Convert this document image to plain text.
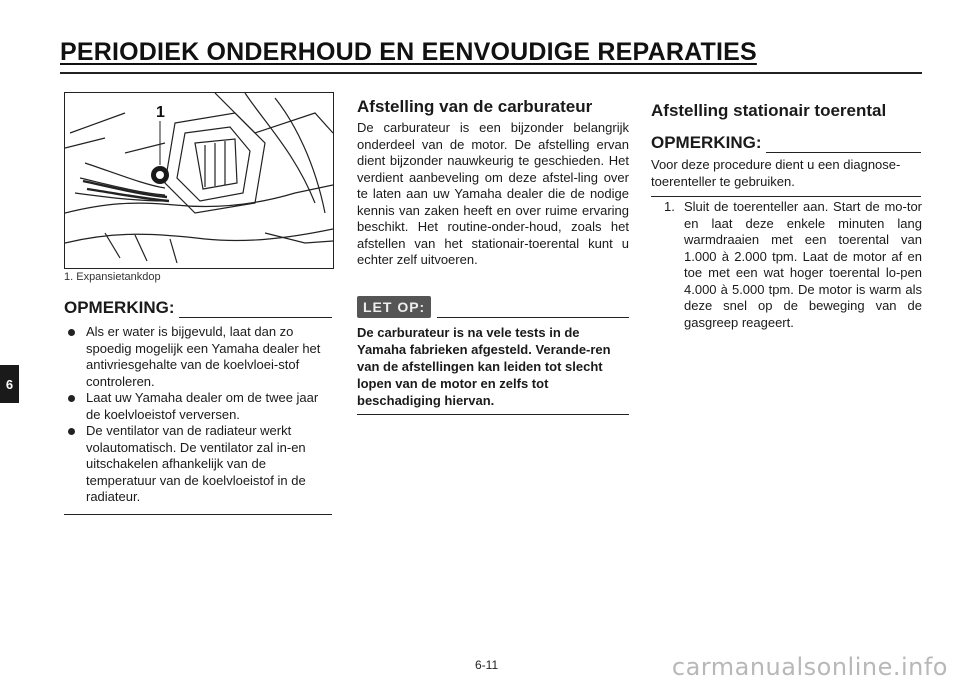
PERIODIEK ONDERHOUD EN EENVOUDIGE REPARATIES
6
1
1. Expansietankdop
OPMERKING:
Als er water is bijgevuld, laat dan zo spoedig mogelijk een Yamaha dealer het antivriesgehalte van de koelvloei-stof controleren.
Laat uw Yamaha dealer om de twee jaar de koelvloeistof verversen.
De ventilator van de radiateur werkt volautomatisch. De ventilator zal in-en uitschakelen afhankelijk van de temperatuur van de koelvloeistof in de radiateur.
Afstelling van de carburateur

De carburateur is een bijzonder belangrijk onderdeel van de motor. De afstelling ervan dient bijzonder nauwkeurig te geschieden. Het verdient aanbeveling om deze afstel-ling over te laten aan uw Yamaha dealer die de nodige kennis van zaken heeft en over ruime ervaring beschikt. Het routine-onder-houd, zoals het afstellen van het stationair-toerental kunt u echter zelf uitvoeren.

LET OP:

De carburateur is na vele tests in de Yamaha fabrieken afgesteld. Verande-ren van de afstellingen kan leiden tot slecht lopen van de motor en zelfs tot beschadiging hiervan.

Afstelling stationair toerental
OPMERKING:

Voor deze procedure dient u een diagnose-toerenteller te gebruiken.

1. Sluit de toerenteller aan. Start de mo-tor en laat deze enkele minuten lang warmdraaien met een toerental van 1.000 à 2.000 tpm. Laat de motor af en toe met een wat hoger toerental lo-pen 4.000 à 5.000 tpm. De motor is warm als deze snel op de beweging van de gasgreep reageert.
6-11	carmanualsonline.info
